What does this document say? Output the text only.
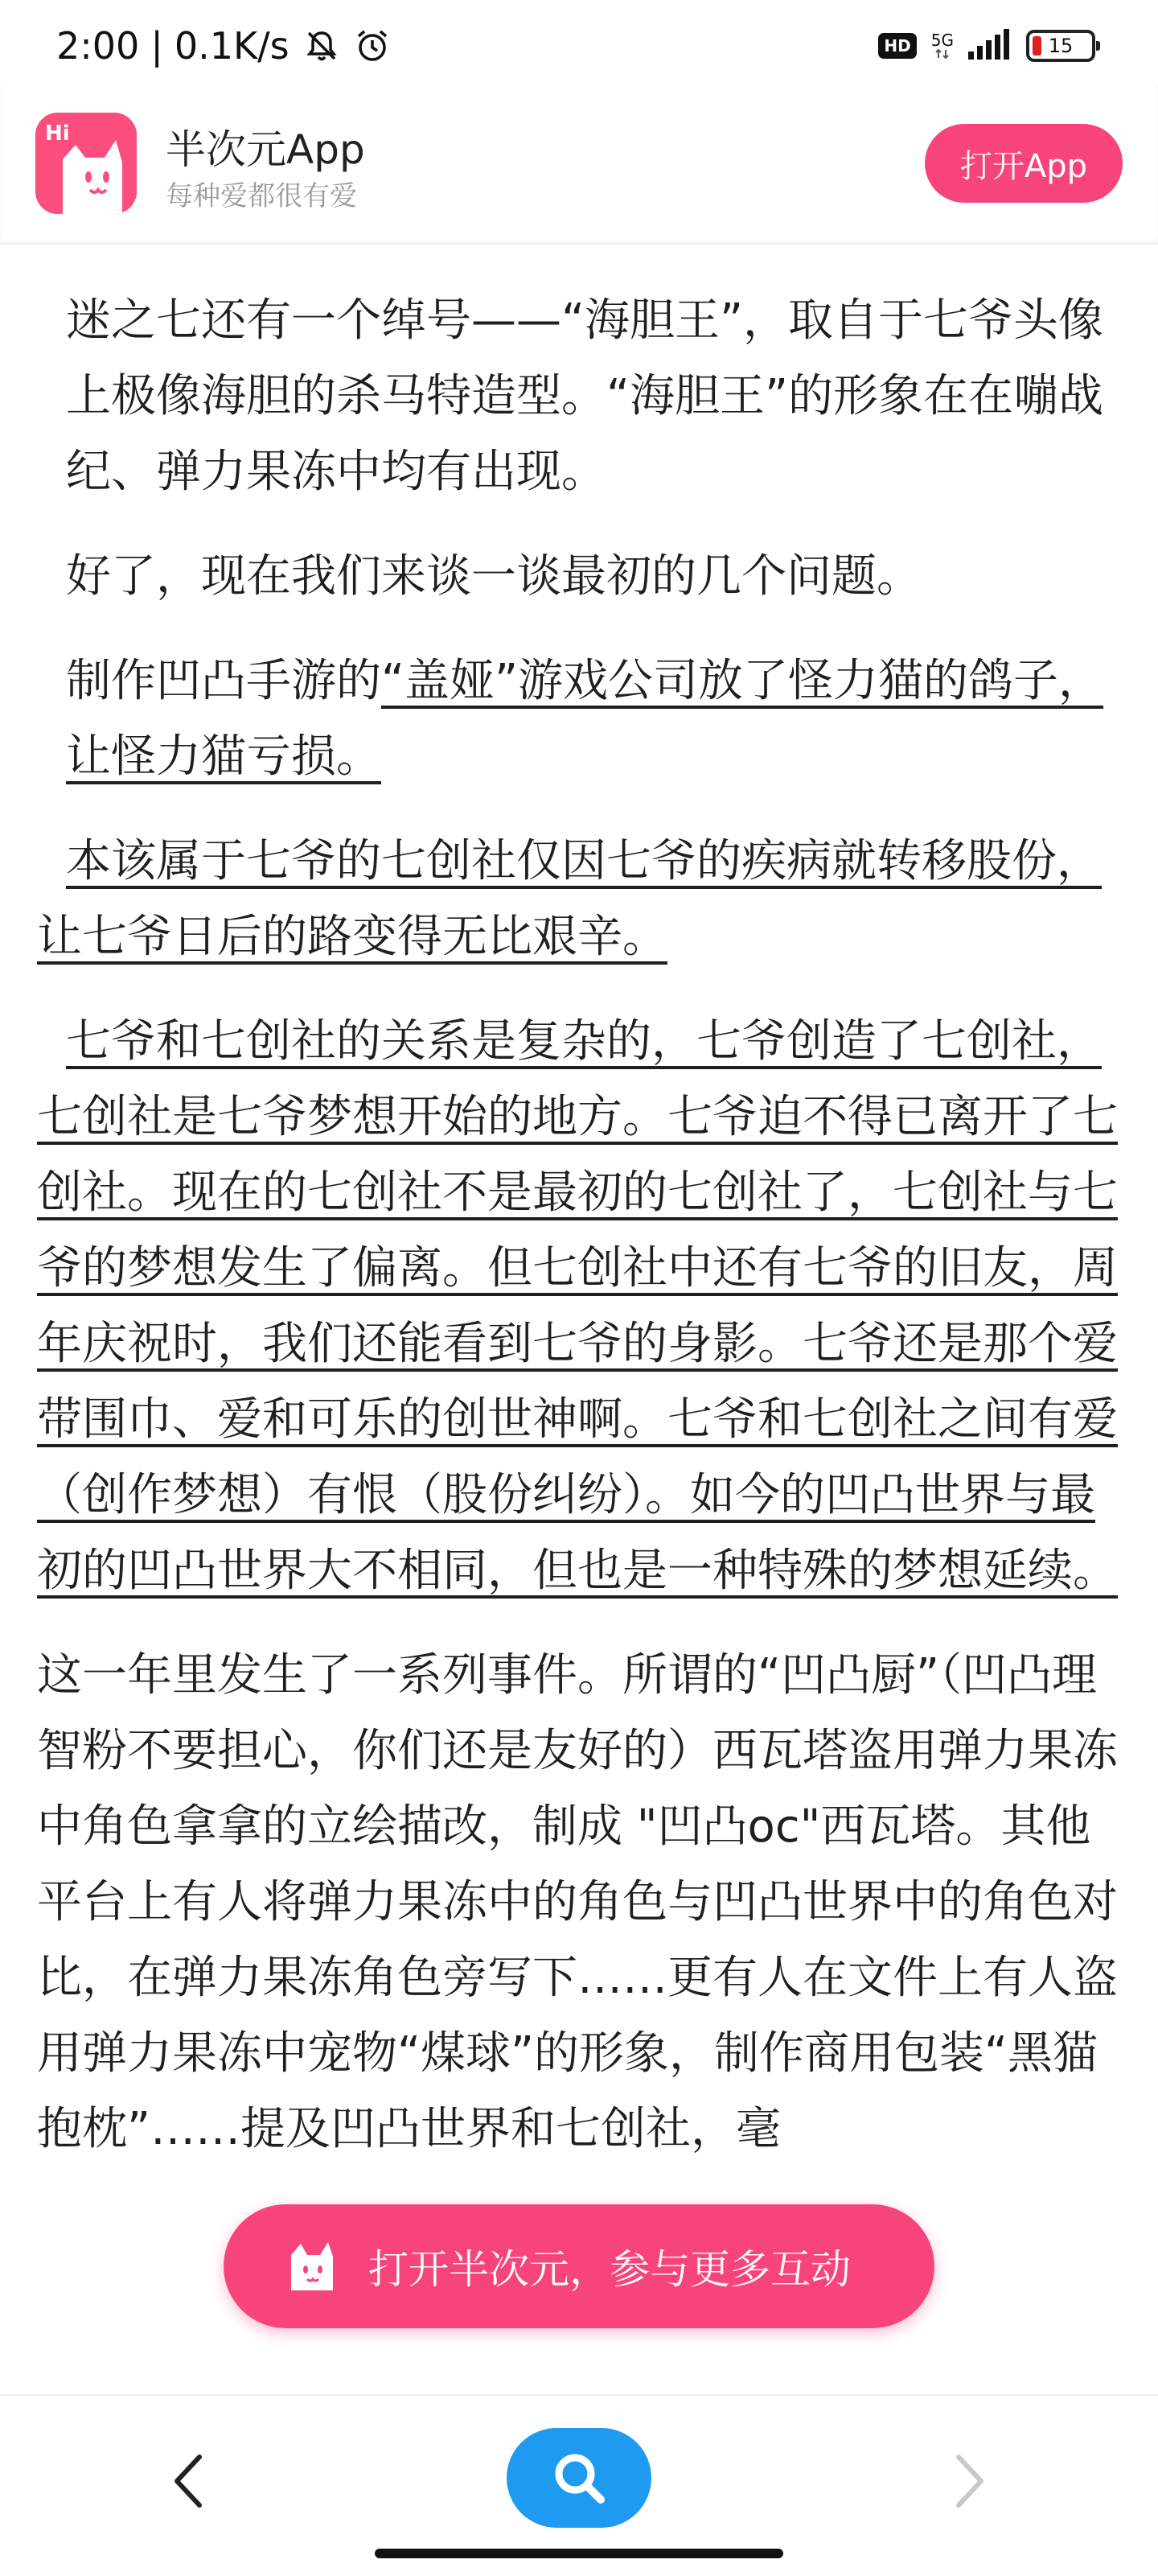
2:00 | 0.1K/s	HD	5G	15
Hi 半次元App
每种爱都很有爱
打开App

迷之七还有一个绰号——“海胆王”，取自于七爷头像上极像海胆的杀马特造型。“海胆王”的形象在在嘣战纪、弹力果冻中均有出现。

好了，现在我们来谈一谈最初的几个问题。

制作凹凸手游的“盖娅”游戏公司放了怪力猫的鸽子，让怪力猫亏损。

本该属于七爷的七创社仅因七爷的疾病就转移股份，让七爷日后的路变得无比艰辛。

七爷和七创社的关系是复杂的，七爷创造了七创社，七创社是七爷梦想开始的地方。七爷迫不得已离开了七创社。现在的七创社不是最初的七创社了，七创社与七爷的梦想发生了偏离。但七创社中还有七爷的旧友，周年庆祝时，我们还能看到七爷的身影。七爷还是那个爱带围巾、爱和可乐的创世神啊。七爷和七创社之间有爱（创作梦想）有恨（股份纠纷）。如今的凹凸世界与最初的凹凸世界大不相同，但也是一种特殊的梦想延续。

这一年里发生了一系列事件。所谓的“凹凸厨”（凹凸理智粉不要担心，你们还是友好的）西瓦塔盗用弹力果冻中角色拿拿的立绘描改，制成 "凹凸oc"西瓦塔。其他平台上有人将弹力果冻中的角色与凹凸世界中的角色对比，在弹力果冻角色旁写下……更有人在文件上有人盗用弹力果冻中宠物“煤球”的形象，制作商用包装“黑猫抱枕”……提及凹凸世界和七创社，毫

打开半次元，参与更多互动
